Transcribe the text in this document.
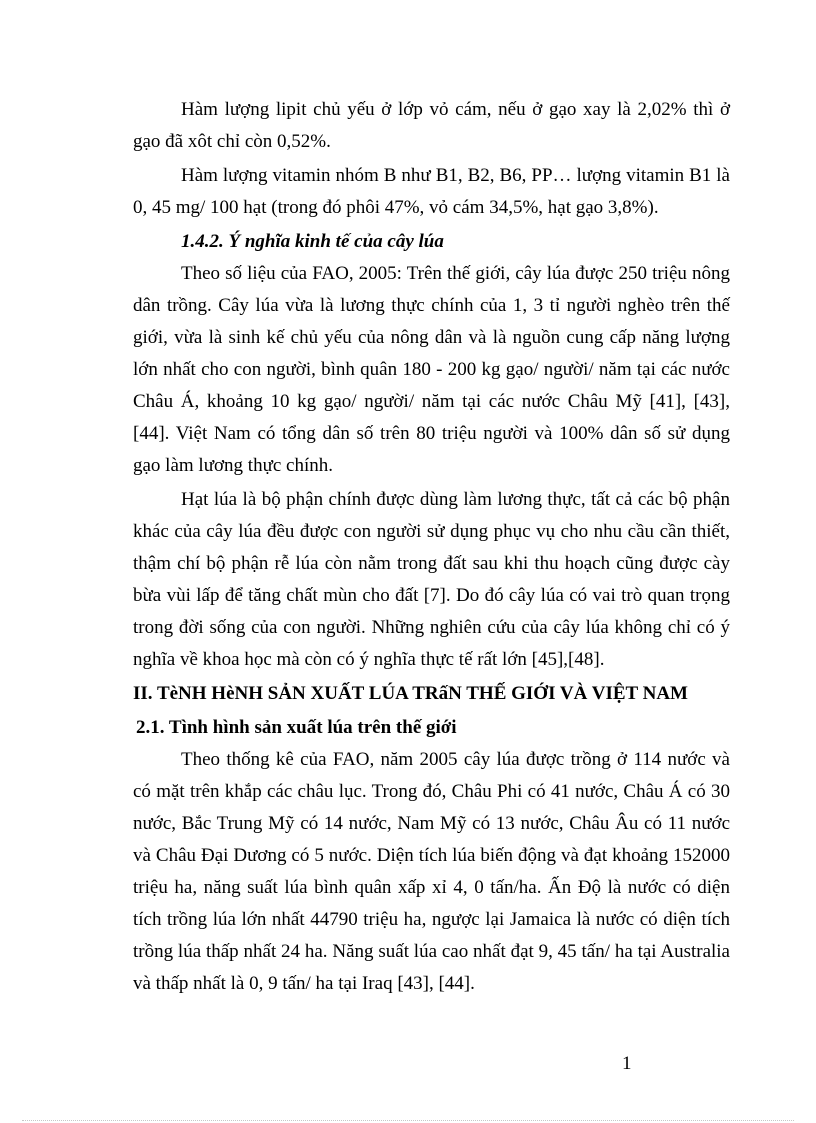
Hàm lượng lipit chủ yếu ở lớp vỏ cám, nếu ở gạo xay là 2,02% thì ở gạo đã xôt chỉ còn 0,52%.

Hàm lượng vitamin nhóm B như B1, B2, B6, PP… lượng vitamin B1 là 0, 45 mg/ 100 hạt (trong đó phôi 47%, vỏ cám 34,5%, hạt gạo 3,8%).

1.4.2. Ý nghĩa kinh tế của cây lúa

Theo số liệu của FAO, 2005: Trên thế giới, cây lúa được 250 triệu nông dân trồng. Cây lúa vừa là lương thực chính của 1, 3 tỉ người nghèo trên thế giới, vừa là sinh kế chủ yếu của nông dân và là nguồn cung cấp năng lượng lớn nhất cho con người, bình quân 180 - 200 kg gạo/ người/ năm tại các nước Châu Á, khoảng 10 kg gạo/ người/ năm tại các nước Châu Mỹ [41], [43], [44]. Việt Nam có tổng dân số trên 80 triệu người và 100% dân số sử dụng gạo làm lương thực chính.

Hạt lúa là bộ phận chính được dùng làm lương thực, tất cả các bộ phận khác của cây lúa đều được con người sử dụng phục vụ cho nhu cầu cần thiết, thậm chí bộ phận rễ lúa còn nằm trong đất sau khi thu hoạch cũng được cày bừa vùi lấp để tăng chất mùn cho đất [7]. Do đó cây lúa có vai trò quan trọng trong đời sống của con người. Những nghiên cứu của cây lúa không chỉ có ý nghĩa về khoa học mà còn có ý nghĩa thực tế rất lớn [45],[48].

II. TèNH HèNH SẢN XUẤT LÚA TRấN THẾ GIỚI VÀ VIỆT NAM
2.1. Tình hình sản xuất lúa trên thế giới

Theo thống kê của FAO, năm 2005 cây lúa được trồng ở 114 nước và có mặt trên khắp các châu lục. Trong đó, Châu Phi có 41 nước, Châu Á có 30 nước, Bắc Trung Mỹ có 14 nước, Nam Mỹ có 13 nước, Châu Âu có 11 nước và Châu Đại Dương có 5 nước. Diện tích lúa biến động và đạt khoảng 152000 triệu ha, năng suất lúa bình quân xấp xỉ 4, 0 tấn/ha. Ấn Độ là nước có diện tích trồng lúa lớn nhất 44790 triệu ha, ngược lại Jamaica là nước có diện tích trồng lúa thấp nhất 24 ha. Năng suất lúa cao nhất đạt 9, 45 tấn/ ha tại Australia và thấp nhất là 0, 9 tấn/ ha tại Iraq [43], [44].

1
